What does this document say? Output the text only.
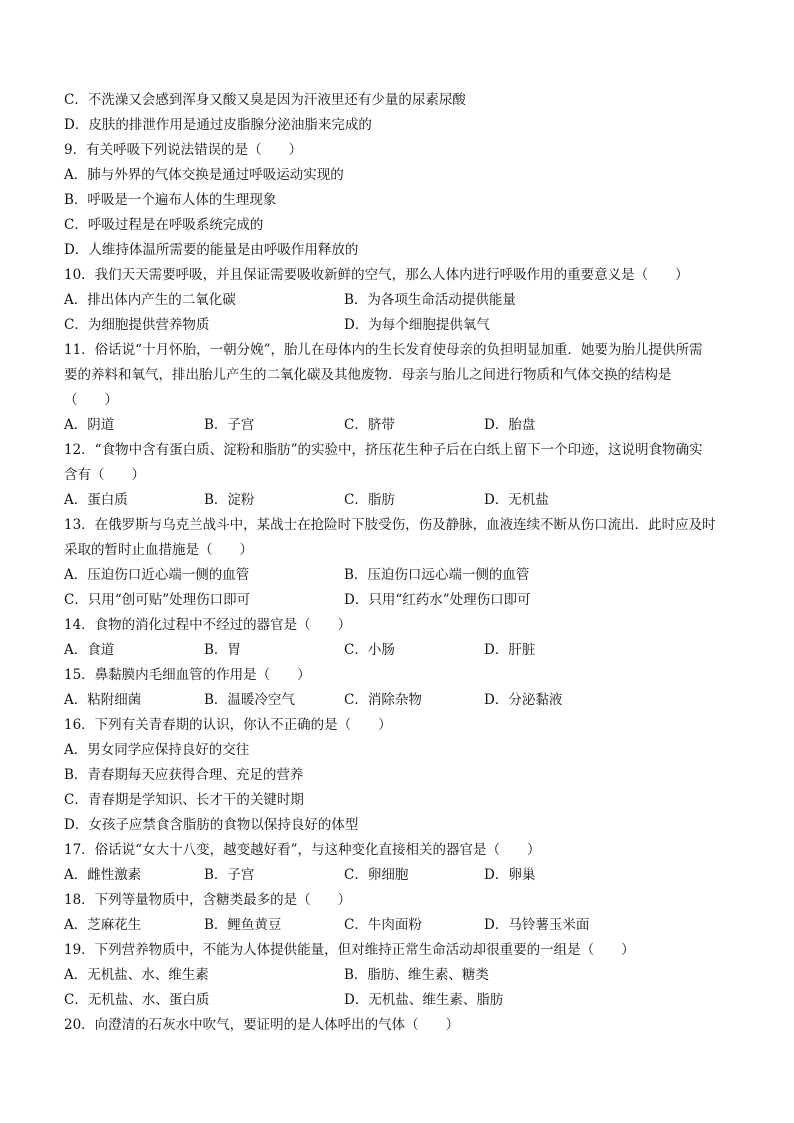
C．不洗澡又会感到浑身又酸又臭是因为汗液里还有少量的尿素尿酸
D．皮肤的排泄作用是通过皮脂腺分泌油脂来完成的
9．有关呼吸下列说法错误的是（　　）
A．肺与外界的气体交换是通过呼吸运动实现的
B．呼吸是一个遍布人体的生理现象
C．呼吸过程是在呼吸系统完成的
D．人维持体温所需要的能量是由呼吸作用释放的
10．我们天天需要呼吸，并且保证需要吸收新鲜的空气，那么人体内进行呼吸作用的重要意义是（　　）
A．排出体内产生的二氧化碳	B．为各项生命活动提供能量
C．为细胞提供营养物质	D．为每个细胞提供氧气
11．俗话说“十月怀胎，一朝分娩”，胎儿在母体内的生长发育使母亲的负担明显加重．她要为胎儿提供所需
要的养料和氧气，排出胎儿产生的二氧化碳及其他废物．母亲与胎儿之间进行物质和气体交换的结构是
（　　）
A．阴道	B．子宫	C．脐带	D．胎盘
12．“食物中含有蛋白质、淀粉和脂肪”的实验中，挤压花生种子后在白纸上留下一个印迹，这说明食物确实
含有（　　）
A．蛋白质	B．淀粉	C．脂肪	D．无机盐
13．在俄罗斯与乌克兰战斗中，某战士在抢险时下肢受伤，伤及静脉，血液连续不断从伤口流出．此时应及时
采取的暂时止血措施是（　　）
A．压迫伤口近心端一侧的血管	B．压迫伤口远心端一侧的血管
C．只用“创可贴”处理伤口即可	D．只用“红药水”处理伤口即可
14．食物的消化过程中不经过的器官是（　　）
A．食道	B．胃	C．小肠	D．肝脏
15．鼻黏膜内毛细血管的作用是（　　）
A．粘附细菌	B．温暖冷空气	C．消除杂物	D．分泌黏液
16．下列有关青春期的认识，你认不正确的是（　　）
A．男女同学应保持良好的交往
B．青春期每天应获得合理、充足的营养
C．青春期是学知识、长才干的关键时期
D．女孩子应禁食含脂肪的食物以保持良好的体型
17．俗话说“女大十八变，越变越好看”，与这种变化直接相关的器官是（　　）
A．雌性激素	B．子宫	C．卵细胞	D．卵巢
18．下列等量物质中，含糖类最多的是（　　）
A．芝麻花生	B．鲤鱼黄豆	C．牛肉面粉	D．马铃薯玉米面
19．下列营养物质中，不能为人体提供能量，但对维持正常生命活动却很重要的一组是（　　）
A．无机盐、水、维生素	B．脂肪、维生素、糖类
C．无机盐、水、蛋白质	D．无机盐、维生素、脂肪
20．向澄清的石灰水中吹气，要证明的是人体呼出的气体（　　）
